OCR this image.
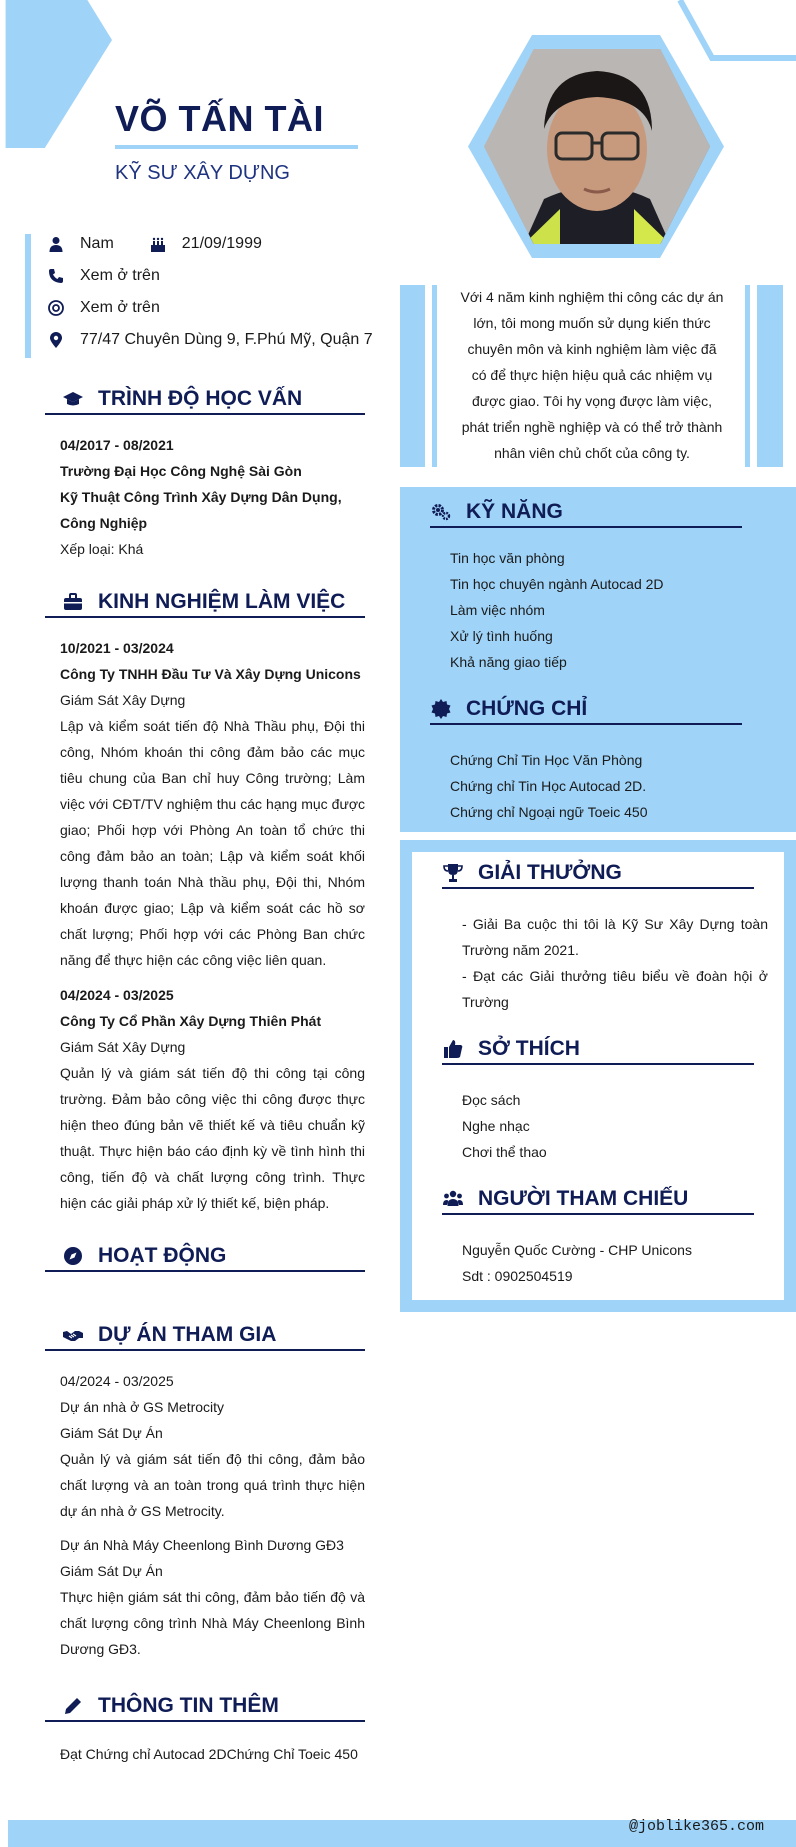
VÕ TẤN TÀI
KỸ SƯ XÂY DỰNG
Nam	21/09/1999
Xem ở trên
Xem ở trên
77/47 Chuyên Dùng 9, F.Phú Mỹ, Quận 7
TRÌNH ĐỘ HỌC VẤN
04/2017 - 08/2021
Trường Đại Học Công Nghệ Sài Gòn
Kỹ Thuật Công Trình Xây Dựng Dân Dụng, Công Nghiệp
Xếp loại: Khá
KINH NGHIỆM LÀM VIỆC
10/2021 - 03/2024
Công Ty TNHH Đầu Tư Và Xây Dựng Unicons
Giám Sát Xây Dựng
Lập và kiểm soát tiến độ Nhà Thầu phụ, Đội thi công, Nhóm khoán thi công đảm bảo các mục tiêu chung của Ban chỉ huy Công trường; Làm việc với CĐT/TV nghiệm thu các hạng mục được giao; Phối hợp với Phòng An toàn tổ chức thi công đảm bảo an toàn; Lập và kiểm soát khối lượng thanh toán Nhà thầu phụ, Đội thi, Nhóm khoán được giao; Lập và kiểm soát các hồ sơ chất lượng; Phối hợp với các Phòng Ban chức năng để thực hiện các công việc liên quan.
04/2024 - 03/2025
Công Ty Cổ Phần Xây Dựng Thiên Phát
Giám Sát Xây Dựng
Quản lý và giám sát tiến độ thi công tại công trường. Đảm bảo công việc thi công được thực hiện theo đúng bản vẽ thiết kế và tiêu chuẩn kỹ thuật. Thực hiện báo cáo định kỳ về tình hình thi công, tiến độ và chất lượng công trình. Thực hiện các giải pháp xử lý thiết kế, biện pháp.
HOẠT ĐỘNG
DỰ ÁN THAM GIA
04/2024 - 03/2025
Dự án nhà ở GS Metrocity
Giám Sát Dự Án
Quản lý và giám sát tiến độ thi công, đảm bảo chất lượng và an toàn trong quá trình thực hiện dự án nhà ở GS Metrocity.
Dự án Nhà Máy Cheenlong Bình Dương GĐ3
Giám Sát Dự Án
Thực hiện giám sát thi công, đảm bảo tiến độ và chất lượng công trình Nhà Máy Cheenlong Bình Dương GĐ3.
THÔNG TIN THÊM
Đạt Chứng chỉ Autocad 2DChứng Chỉ Toeic 450
Với 4 năm kinh nghiệm thi công các dự án lớn, tôi mong muốn sử dụng kiến thức chuyên môn và kinh nghiệm làm việc đã có để thực hiện hiệu quả các nhiệm vụ được giao. Tôi hy vọng được làm việc, phát triển nghề nghiệp và có thể trở thành nhân viên chủ chốt của công ty.
KỸ NĂNG
Tin học văn phòng
Tin học chuyên ngành Autocad 2D
Làm việc nhóm
Xử lý tình huống
Khả năng giao tiếp
CHỨNG CHỈ
Chứng Chỉ Tin Học Văn Phòng
Chứng chỉ Tin Học Autocad 2D.
Chứng chỉ Ngoại ngữ Toeic 450
GIẢI THƯỞNG
- Giải Ba cuộc thi tôi là Kỹ Sư Xây Dựng toàn Trường năm 2021.
- Đạt các Giải thưởng tiêu biểu về đoàn hội ở Trường
SỞ THÍCH
Đọc sách
Nghe nhạc
Chơi thể thao
NGƯỜI THAM CHIẾU
Nguyễn Quốc Cường - CHP Unicons
Sdt : 0902504519
@joblike365.com
